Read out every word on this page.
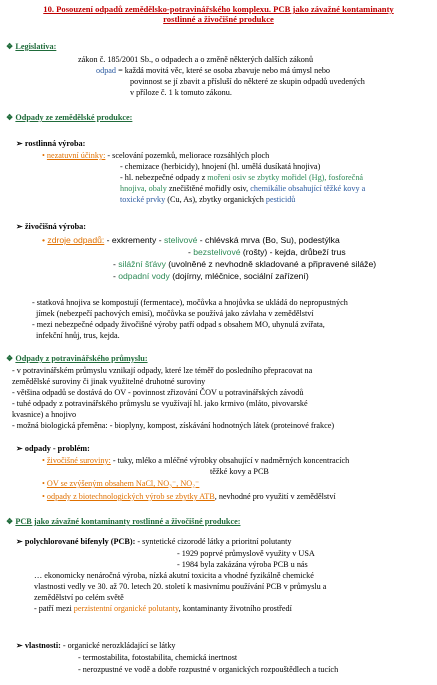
10. Posouzení odpadů zemědělsko-potravinářského komplexu. PCB jako závažné kontaminanty
rostlinné a živočišné produkce
❖ Legislativa:
zákon č. 185/2001 Sb., o odpadech a o změně některých dalších zákonů
odpad = každá movitá věc, které se osoba zbavuje nebo má úmysl nebo
povinnost se jí zbavit a přísluší do některé ze skupin odpadů uvedených
v příloze č. 1 k tomuto zákonu.
❖ Odpady ze zemědělské produkce:
➢ rostlinná výroba:
• nezatuvní účinky: - scelování pozemků, meliorace rozsáhlých ploch
- chemizace (herbicidy), hnojení (hl. umělá dusíkatá hnojiva)
- hl. nebezpečné odpady z mořeni osiv se zbytky mořidel (Hg), fosforečná
hnojiva, obaly znečištěné mořidly osiv, chemikálie obsahující těžké kovy a
toxické prvky (Cu, As), zbytky organických pesticidů
➢ živočišná výroba:
• zdroje odpadů: - exkrementy - stelivové - chlévská mrva (Bo, Su), podestýlka
- bezstelivové (rošty) - kejda, drůbeží trus
- silážní šťávy (uvolněné z nevhodně skladované a připravené siláže)
- odpadní vody (dojírny, mléčnice, sociální zařízení)
- statková hnojiva se kompostují (fermentace), močůvka a hnojůvka se ukládá do nepropustných
jímek (nebezpečí pachových emisí), močůvka se používá jako závlaha v zemědělství
- mezi nebezpečné odpady živočišné výroby patří odpad s obsahem MO, uhynulá zvířata,
infekční hnůj, trus, kejda.
❖ Odpady z potravinářského průmyslu:
- v potravinářském průmyslu vznikají odpady, které lze téměř do posledního přepracovat na
zemědělské suroviny či jinak využitelné druhotné suroviny
- většina odpadů se dostává do OV - povinnost zřizování ČOV u potravinářských závodů
- tuhé odpady z potravinářského průmyslu se využívají hl. jako krmivo (mláto, pivovarské
kvasnice) a hnojivo
- možná biologická přeměna: - bioplyny, kompost, získávání hodnotných látek (proteinové frakce)
➢ odpady - problém:
• živočišné suroviny: - tuky, mléko a mléčné výrobky obsahující v nadměrných koncentracích
těžké kovy a PCB
• OV se zvýšeným obsahem NaCl, NO₃⁻, NO₂⁻
• odpady z biotechnologických výrob se zbytky ATB, nevhodné pro využití v zemědělství
❖ PCB jako závažné kontaminanty rostlinné a živočišné produkce:
➢ polychlorované bifenyly (PCB): - syntetické cizorodé látky a prioritní polutanty
- 1929 poprvé průmyslově využity v USA
- 1984 byla zakázána výroba PCB u nás
… ekonomicky nenáročná výroba, nízká akutní toxicita a vhodné fyzikálně chemické
vlastnosti vedly ve 30. až 70. letech 20. století k masivnímu používání PCB v průmyslu a
zemědělství po celém světě
- patří mezi perzistentní organické polutanty, kontaminanty životního prostředí
➢ vlastnosti: - organické nerozkládající se látky
- termostabilita, fotostabilita, chemická inertnost
- nerozpustné ve vodě a dobře rozpustné v organických rozpouštědlech a tucích
